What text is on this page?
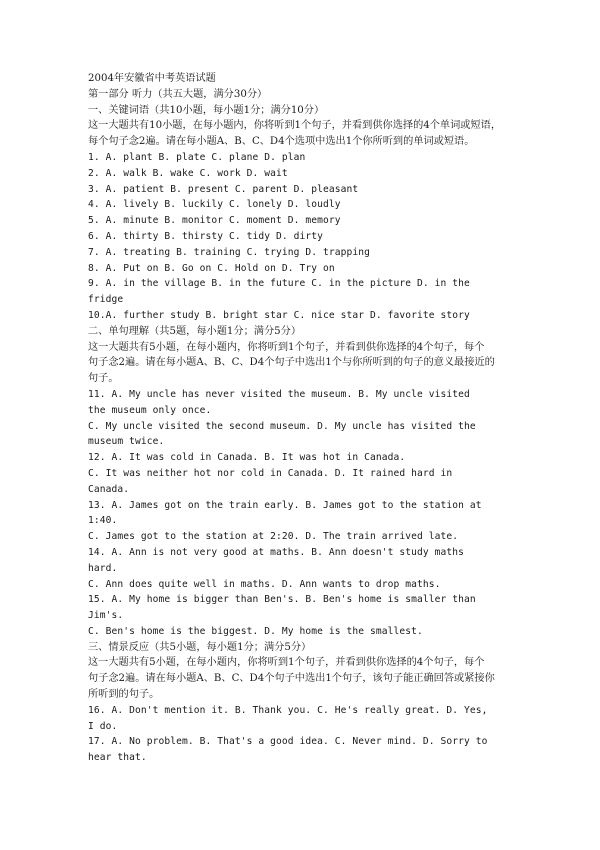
2004年安徽省中考英语试题
第一部分 听力（共五大题，满分30分）
一、关键词语（共10小题，每小题1分；满分10分）
这一大题共有10小题，在每小题内，你将听到1个句子，并看到供你选择的4个单词或短语，
每个句子念2遍。请在每小题A、B、C、D4个选项中选出1个你所听到的单词或短语。
1. A. plant B. plate C. plane D. plan
2. A. walk B. wake C. work D. wait
3. A. patient B. present C. parent D. pleasant
4. A. lively B. luckily C. lonely D. loudly
5. A. minute B. monitor C. moment D. memory
6. A. thirty B. thirsty C. tidy D. dirty
7. A. treating B. training C. trying D. trapping
8. A. Put on B. Go on C. Hold on D. Try on
9. A. in the village B. in the future C. in the picture D. in the
fridge
10.A. further study B. bright star C. nice star D. favorite story
二、单句理解（共5题，每小题1分；满分5分）
这一大题共有5小题，在每小题内，你将听到1个句子，并看到供你选择的4个句子，每个
句子念2遍。请在每小题A、B、C、D4个句子中选出1个与你所听到的句子的意义最接近的
句子。
11. A. My uncle has never visited the museum. B. My uncle visited
the museum only once.
C. My uncle visited the second museum. D. My uncle has visited the
museum twice.
12. A. It was cold in Canada. B. It was hot in Canada.
C. It was neither hot nor cold in Canada. D. It rained hard in
Canada.
13. A. James got on the train early. B. James got to the station at
1:40.
C. James got to the station at 2:20. D. The train arrived late.
14. A. Ann is not very good at maths. B. Ann doesn't study maths
hard.
C. Ann does quite well in maths. D. Ann wants to drop maths.
15. A. My home is bigger than Ben's. B. Ben's home is smaller than
Jim's.
C. Ben's home is the biggest. D. My home is the smallest.
三、情景反应（共5小题，每小题1分；满分5分）
这一大题共有5小题，在每小题内，你将听到1个句子，并看到供你选择的4个句子，每个
句子念2遍。请在每小题A、B、C、D4个句子中选出1个句子，该句子能正确回答或紧接你
所听到的句子。
16. A. Don't mention it. B. Thank you. C. He's really great. D. Yes,
I do.
17. A. No problem. B. That's a good idea. C. Never mind. D. Sorry to
hear that.
